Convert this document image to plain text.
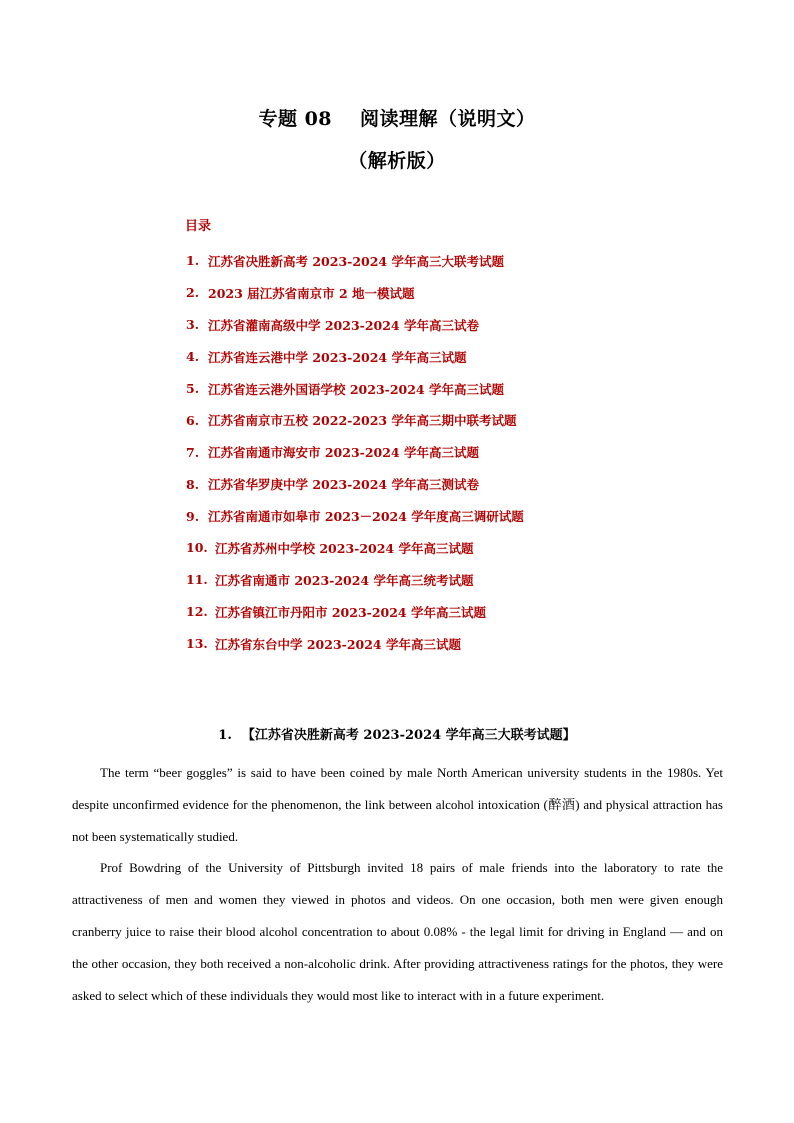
专题 08 阅读理解（说明文）
（解析版）
目录
1. 江苏省决胜新高考 2023-2024 学年高三大联考试题
2. 2023 届江苏省南京市 2 地一模试题
3. 江苏省灌南高级中学 2023-2024 学年高三试卷
4. 江苏省连云港中学 2023-2024 学年高三试题
5. 江苏省连云港外国语学校 2023-2024 学年高三试题
6. 江苏省南京市五校 2022-2023 学年高三期中联考试题
7. 江苏省南通市海安市 2023-2024 学年高三试题
8. 江苏省华罗庚中学 2023-2024 学年高三测试卷
9. 江苏省南通市如皋市 2023－2024 学年度高三调研试题
10. 江苏省苏州中学校 2023-2024 学年高三试题
11. 江苏省南通市 2023-2024 学年高三统考试题
12. 江苏省镇江市丹阳市 2023-2024 学年高三试题
13. 江苏省东台中学 2023-2024 学年高三试题
1. 【江苏省决胜新高考 2023-2024 学年高三大联考试题】

The term “beer goggles” is said to have been coined by male North American university students in the 1980s. Yet despite unconfirmed evidence for the phenomenon, the link between alcohol intoxication (醉酒) and physical attraction has not been systematically studied.

Prof Bowdring of the University of Pittsburgh invited 18 pairs of male friends into the laboratory to rate the attractiveness of men and women they viewed in photos and videos. On one occasion, both men were given enough cranberry juice to raise their blood alcohol concentration to about 0.08% - the legal limit for driving in England — and on the other occasion, they both received a non-alcoholic drink. After providing attractiveness ratings for the photos, they were asked to select which of these individuals they would most like to interact with in a future experiment.
